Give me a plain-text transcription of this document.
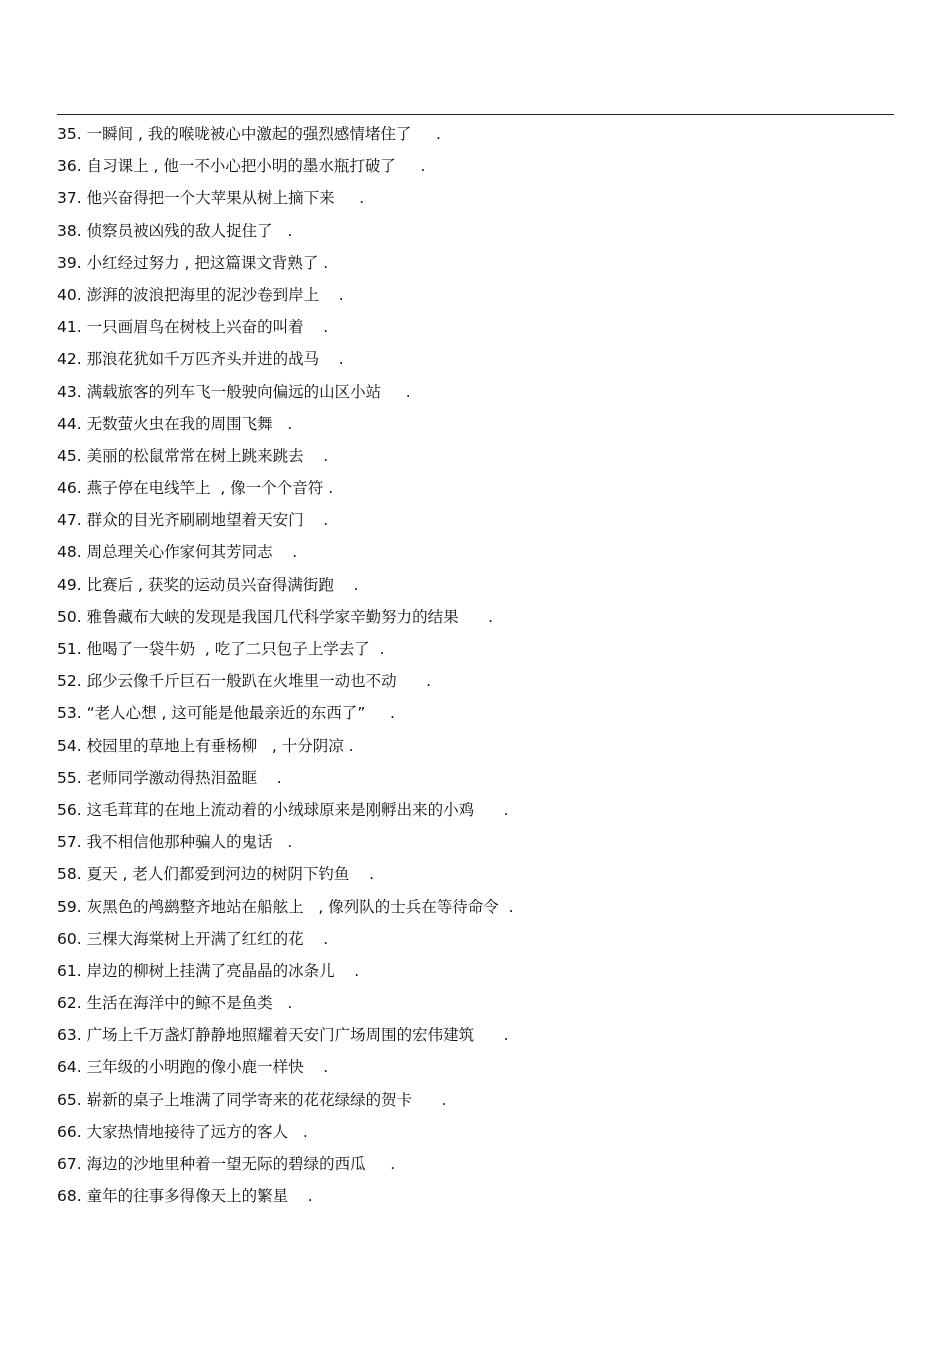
35. 一瞬间 , 我的喉咙被心中激起的强烈感情堵住了     .
36. 自习课上 , 他一不小心把小明的墨水瓶打破了     .
37. 他兴奋得把一个大苹果从树上摘下来     .
38. 侦察员被凶残的敌人捉住了   .
39. 小红经过努力 , 把这篇课文背熟了 .
40. 澎湃的波浪把海里的泥沙卷到岸上    .
41. 一只画眉鸟在树枝上兴奋的叫着    .
42. 那浪花犹如千万匹齐头并进的战马    .
43. 满载旅客的列车飞一般驶向偏远的山区小站     .
44. 无数萤火虫在我的周围飞舞   .
45. 美丽的松鼠常常在树上跳来跳去    .
46. 燕子停在电线竿上  , 像一个个音符 .
47. 群众的目光齐刷刷地望着天安门    .
48. 周总理关心作家何其芳同志    .
49. 比赛后 , 获奖的运动员兴奋得满街跑    .
50. 雅鲁藏布大峡的发现是我国几代科学家辛勤努力的结果      .
51. 他喝了一袋牛奶  , 吃了二只包子上学去了  .
52. 邱少云像千斤巨石一般趴在火堆里一动也不动      .
53. “老人心想 , 这可能是他最亲近的东西了”     .
54. 校园里的草地上有垂杨柳   , 十分阴凉 .
55. 老师同学激动得热泪盈眶    .
56. 这毛茸茸的在地上流动着的小绒球原来是刚孵出来的小鸡      .
57. 我不相信他那种骗人的鬼话   .
58. 夏天 , 老人们都爱到河边的树阴下钓鱼    .
59. 灰黑色的鸬鹚整齐地站在船舷上   , 像列队的士兵在等待命令  .
60. 三棵大海棠树上开满了红红的花    .
61. 岸边的柳树上挂满了亮晶晶的冰条儿    .
62. 生活在海洋中的鲸不是鱼类   .
63. 广场上千万盏灯静静地照耀着天安门广场周围的宏伟建筑      .
64. 三年级的小明跑的像小鹿一样快    .
65. 崭新的桌子上堆满了同学寄来的花花绿绿的贺卡      .
66. 大家热情地接待了远方的客人   .
67. 海边的沙地里种着一望无际的碧绿的西瓜     .
68. 童年的往事多得像天上的繁星    .
